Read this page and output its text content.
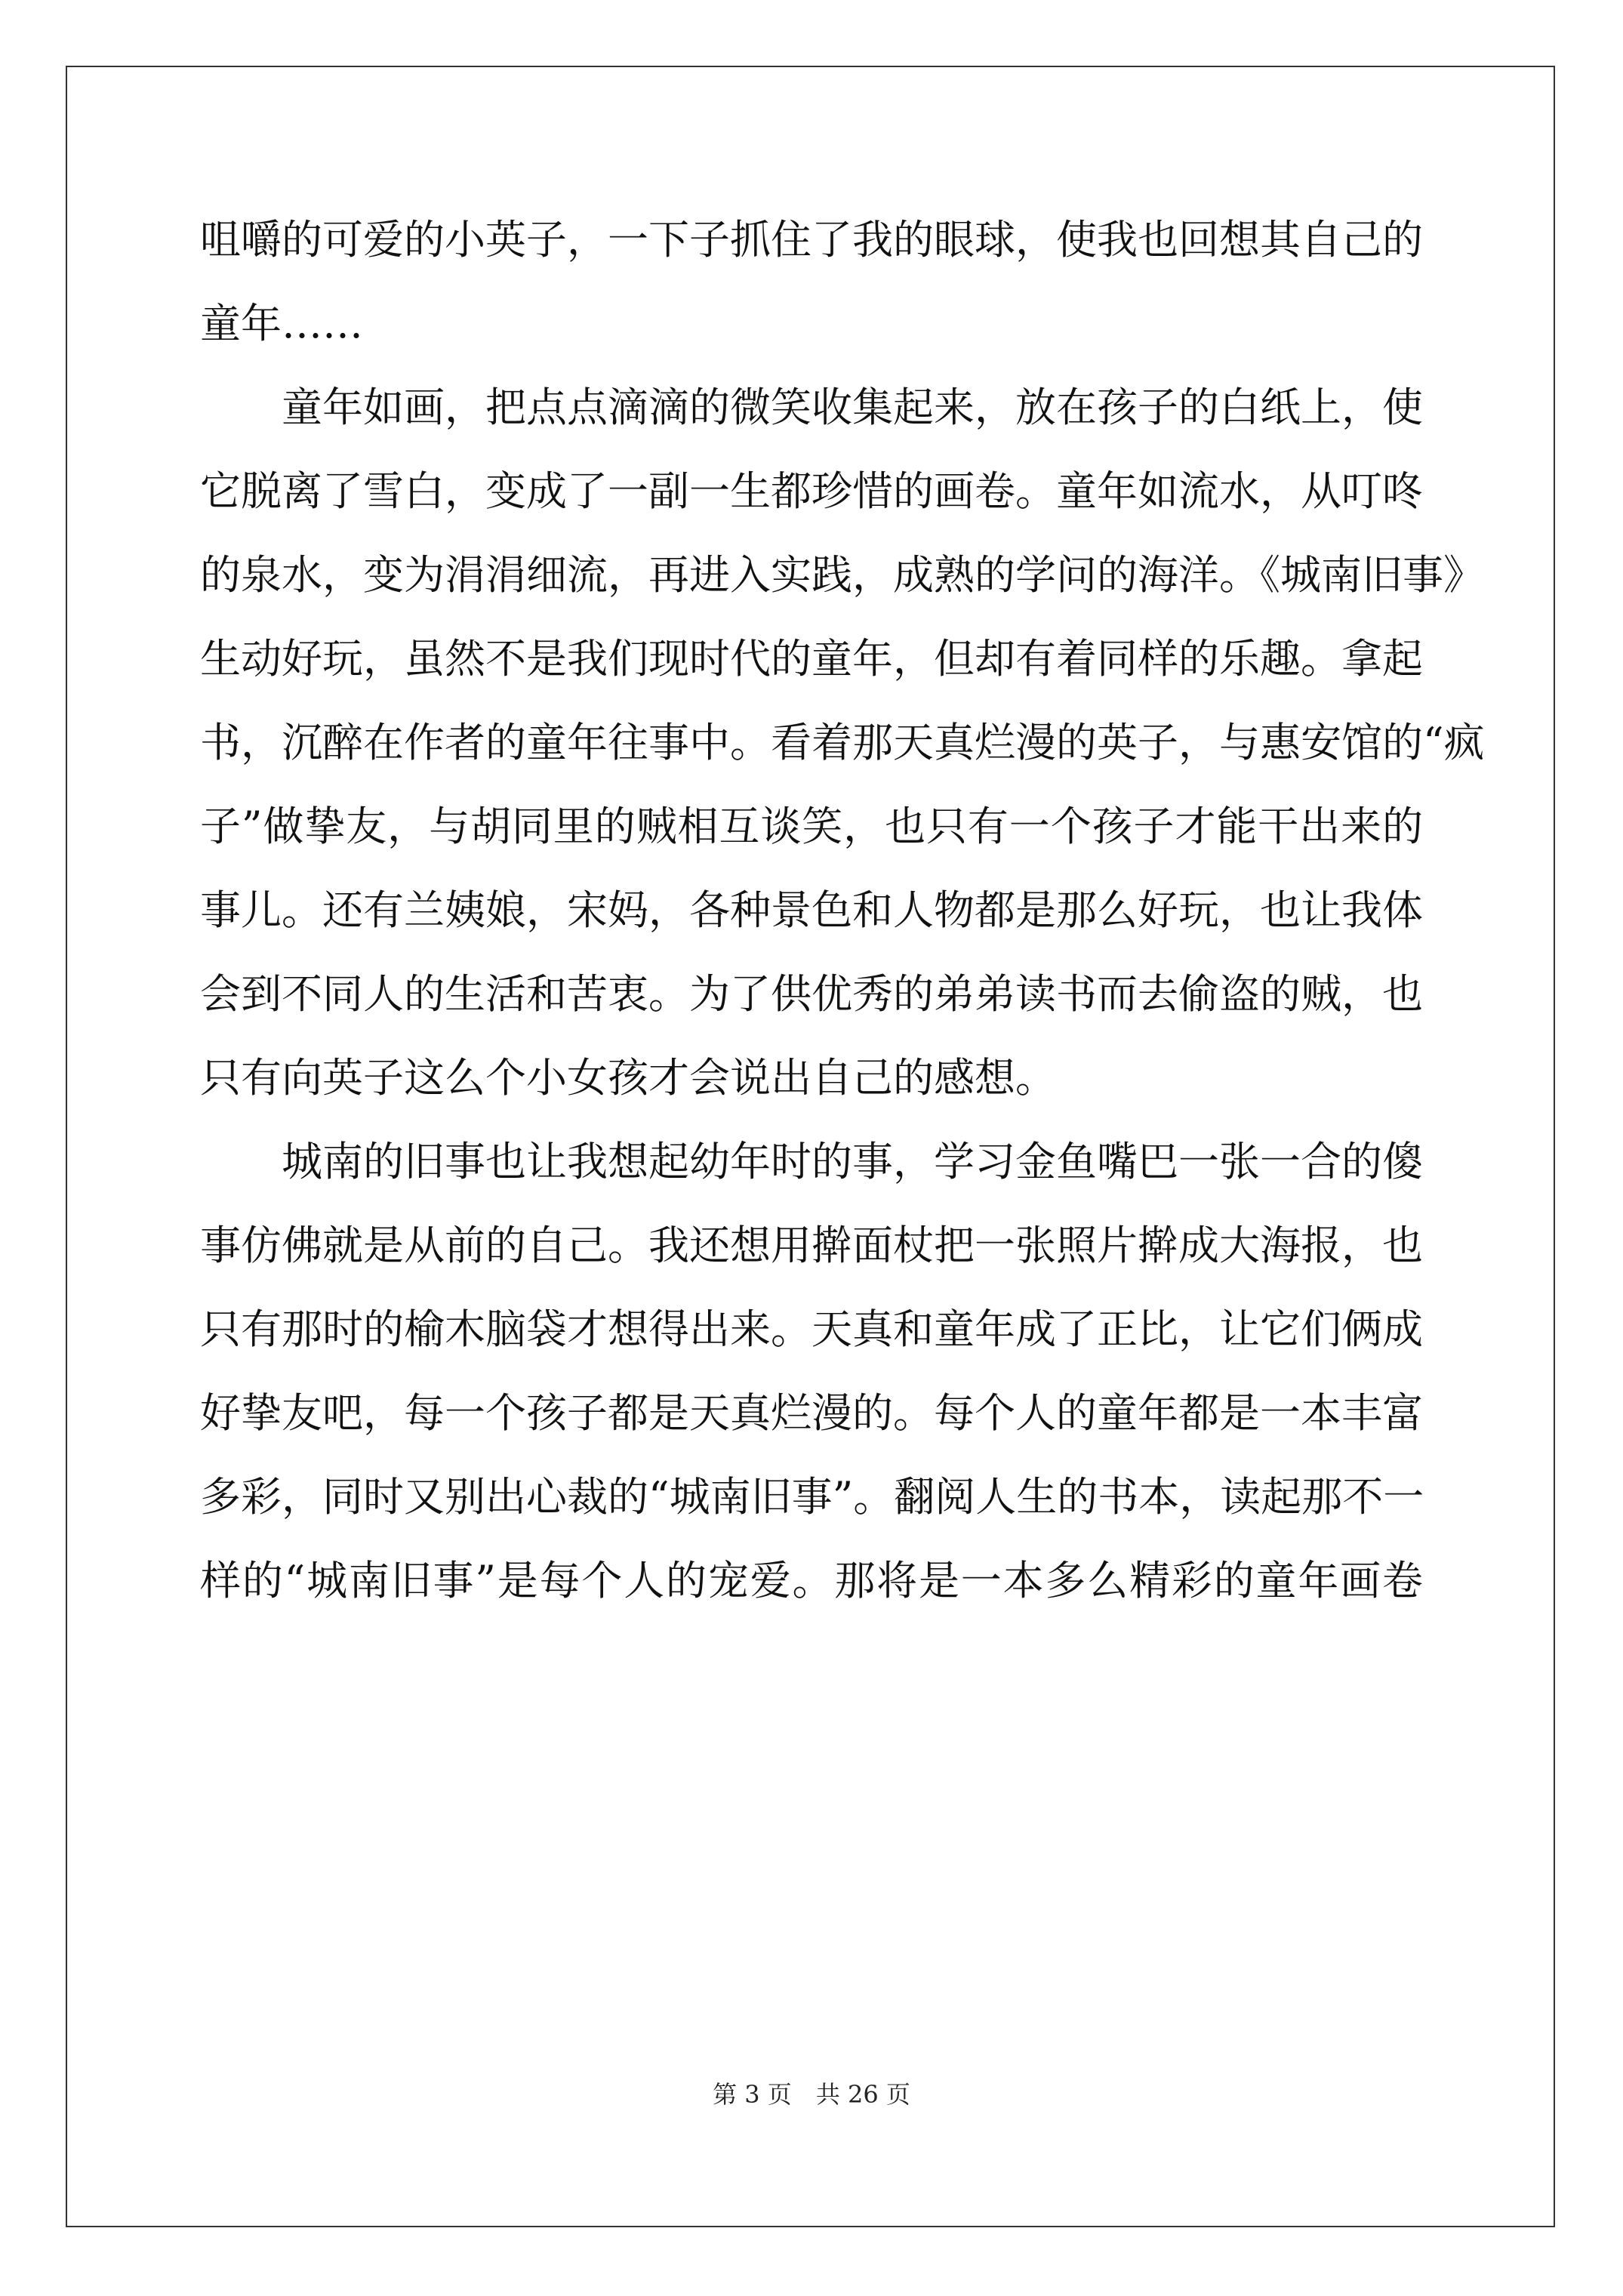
咀嚼的可爱的小英子，一下子抓住了我的眼球，使我也回想其自己的
童年……
童年如画，把点点滴滴的微笑收集起来，放在孩子的白纸上，使
它脱离了雪白，变成了一副一生都珍惜的画卷。童年如流水，从叮咚
的泉水，变为涓涓细流，再进入实践，成熟的学问的海洋。《城南旧事》
生动好玩，虽然不是我们现时代的童年，但却有着同样的乐趣。拿起
书，沉醉在作者的童年往事中。看着那天真烂漫的英子，与惠安馆的“疯
子”做挚友，与胡同里的贼相互谈笑，也只有一个孩子才能干出来的
事儿。还有兰姨娘，宋妈，各种景色和人物都是那么好玩，也让我体
会到不同人的生活和苦衷。为了供优秀的弟弟读书而去偷盗的贼，也
只有向英子这么个小女孩才会说出自己的感想。
城南的旧事也让我想起幼年时的事，学习金鱼嘴巴一张一合的傻
事仿佛就是从前的自己。我还想用擀面杖把一张照片擀成大海报，也
只有那时的榆木脑袋才想得出来。天真和童年成了正比，让它们俩成
好挚友吧，每一个孩子都是天真烂漫的。每个人的童年都是一本丰富
多彩，同时又别出心裁的“城南旧事”。翻阅人生的书本，读起那不一
样的“城南旧事”是每个人的宠爱。那将是一本多么精彩的童年画卷
第 3 页 共 26 页
